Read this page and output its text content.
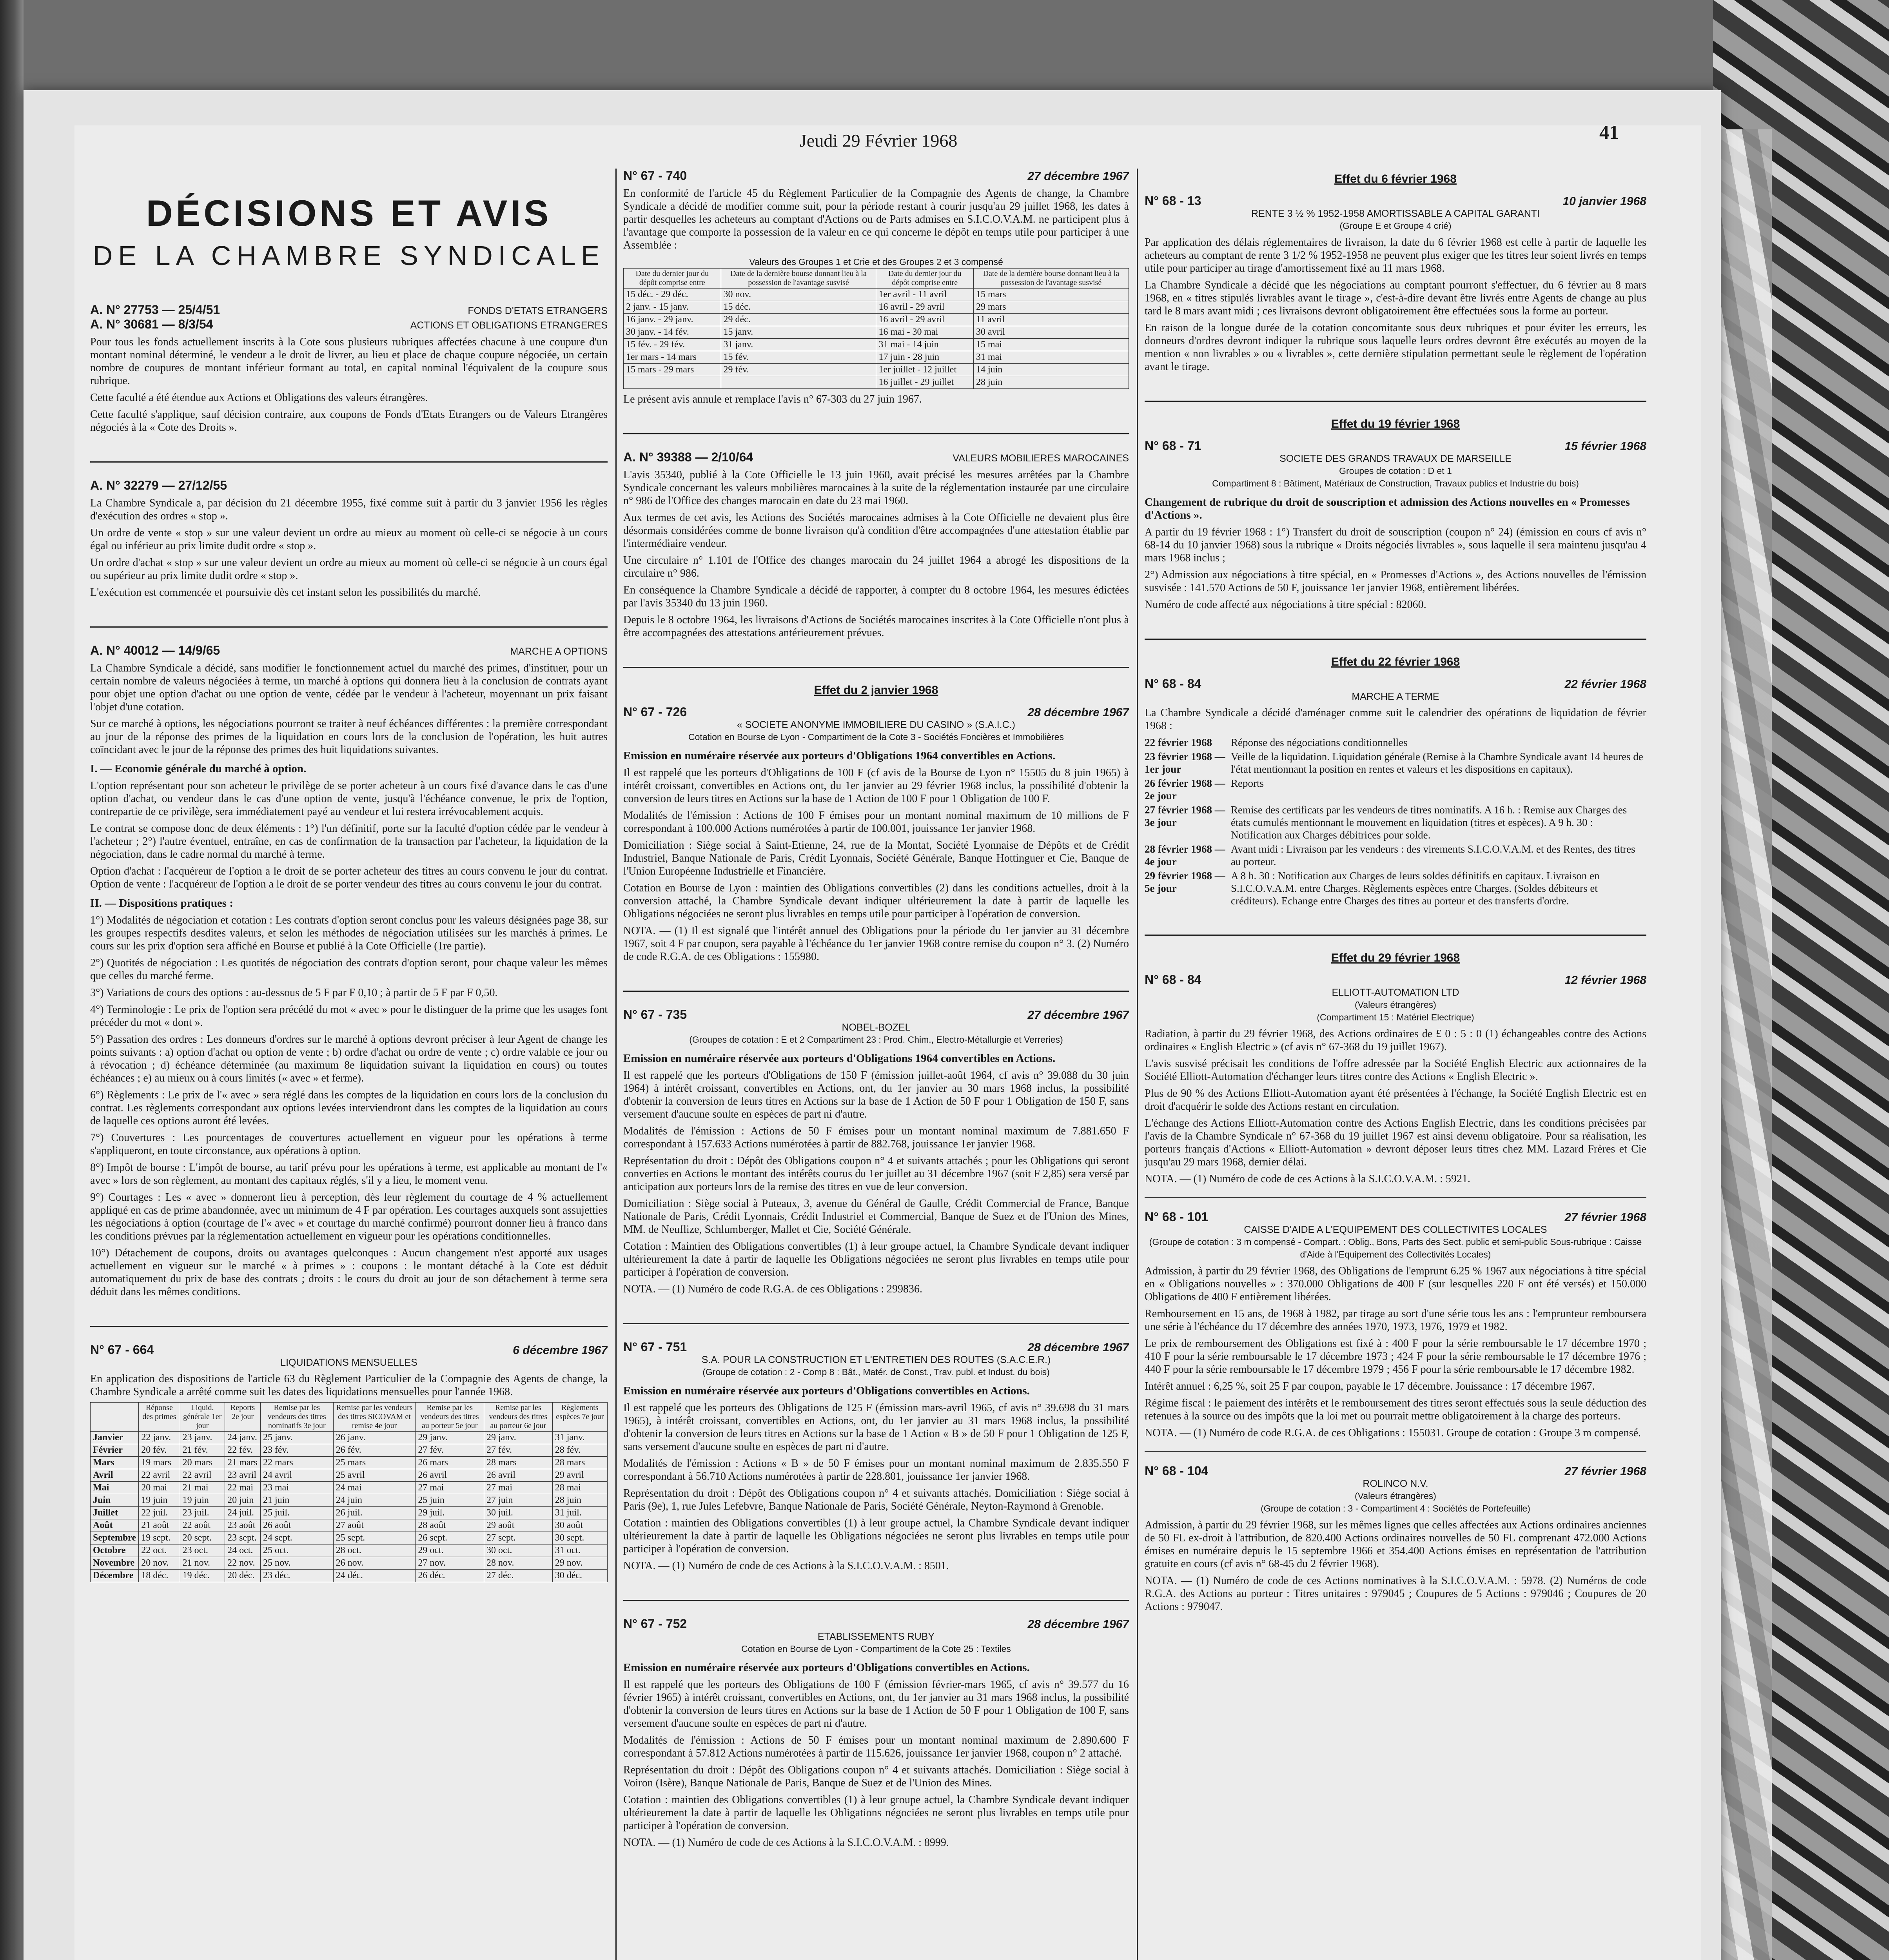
Jeudi 29 Février 1968	41
DÉCISIONS ET AVIS
DE LA CHAMBRE SYNDICALE
A. N° 27753 — 25/4/51	FONDS D'ETATS ETRANGERS
A. N° 30681 — 8/3/54	ACTIONS ET OBLIGATIONS ETRANGERES

Pour tous les fonds actuellement inscrits à la Cote sous plusieurs rubriques affectées chacune à une coupure d'un montant nominal déterminé, le vendeur a le droit de livrer, au lieu et place de chaque coupure négociée, un certain nombre de coupures de montant inférieur formant au total, en capital nominal l'équivalent de la coupure sous rubrique.

Cette faculté a été étendue aux Actions et Obligations des valeurs étrangères.

Cette faculté s'applique, sauf décision contraire, aux coupons de Fonds d'Etats Etrangers ou de Valeurs Etrangères négociés à la « Cote des Droits ».

A. N° 32279 — 27/12/55

La Chambre Syndicale a, par décision du 21 décembre 1955, fixé comme suit à partir du 3 janvier 1956 les règles d'exécution des ordres « stop ».

Un ordre de vente « stop » sur une valeur devient un ordre au mieux au moment où celle-ci se négocie à un cours égal ou inférieur au prix limite dudit ordre « stop ».

Un ordre d'achat « stop » sur une valeur devient un ordre au mieux au moment où celle-ci se négocie à un cours égal ou supérieur au prix limite dudit ordre « stop ».

L'exécution est commencée et poursuivie dès cet instant selon les possibilités du marché.

A. N° 40012 — 14/9/65	MARCHE A OPTIONS

La Chambre Syndicale a décidé, sans modifier le fonctionnement actuel du marché des primes, d'instituer, pour un certain nombre de valeurs négociées à terme, un marché à options qui donnera lieu à la conclusion de contrats ayant pour objet une option d'achat ou une option de vente, cédée par le vendeur à l'acheteur, moyennant un prix faisant l'objet d'une cotation.

Sur ce marché à options, les négociations pourront se traiter à neuf échéances différentes : la première correspondant au jour de la réponse des primes de la liquidation en cours lors de la conclusion de l'opération, les huit autres coïncidant avec le jour de la réponse des primes des huit liquidations suivantes.

I. — Economie générale du marché à option.

L'option représentant pour son acheteur le privilège de se porter acheteur à un cours fixé d'avance dans le cas d'une option d'achat, ou vendeur dans le cas d'une option de vente, jusqu'à l'échéance convenue, le prix de l'option, contrepartie de ce privilège, sera immédiatement payé au vendeur et lui restera irrévocablement acquis.

Le contrat se compose donc de deux éléments : 1°) l'un définitif, porte sur la faculté d'option cédée par le vendeur à l'acheteur ; 2°) l'autre éventuel, entraîne, en cas de confirmation de la transaction par l'acheteur, la liquidation de la négociation, dans le cadre normal du marché à terme.

Option d'achat : l'acquéreur de l'option a le droit de se porter acheteur des titres au cours convenu le jour du contrat. Option de vente : l'acquéreur de l'option a le droit de se porter vendeur des titres au cours convenu le jour du contrat.

II. — Dispositions pratiques :

1°) Modalités de négociation et cotation : Les contrats d'option seront conclus pour les valeurs désignées page 38, sur les groupes respectifs desdites valeurs, et selon les méthodes de négociation utilisées sur les marchés à primes. Le cours sur les prix d'option sera affiché en Bourse et publié à la Cote Officielle (1re partie).

2°) Quotités de négociation : Les quotités de négociation des contrats d'option seront, pour chaque valeur les mêmes que celles du marché ferme.

3°) Variations de cours des options : au-dessous de 5 F par F 0,10 ; à partir de 5 F par F 0,50.

4°) Terminologie : Le prix de l'option sera précédé du mot « avec » pour le distinguer de la prime que les usages font précéder du mot « dont ».

5°) Passation des ordres : Les donneurs d'ordres sur le marché à options devront préciser à leur Agent de change les points suivants : a) option d'achat ou option de vente ; b) ordre d'achat ou ordre de vente ; c) ordre valable ce jour ou à révocation ; d) échéance déterminée (au maximum 8e liquidation suivant la liquidation en cours) ou toutes échéances ; e) au mieux ou à cours limités (« avec » et ferme).

6°) Règlements : Le prix de l'« avec » sera réglé dans les comptes de la liquidation en cours lors de la conclusion du contrat. Les règlements correspondant aux options levées interviendront dans les comptes de la liquidation au cours de laquelle ces options auront été levées.

7°) Couvertures : Les pourcentages de couvertures actuellement en vigueur pour les opérations à terme s'appliqueront, en toute circonstance, aux opérations à option.

8°) Impôt de bourse : L'impôt de bourse, au tarif prévu pour les opérations à terme, est applicable au montant de l'« avec » lors de son règlement, au montant des capitaux réglés, s'il y a lieu, le moment venu.

9°) Courtages : Les « avec » donneront lieu à perception, dès leur règlement du courtage de 4 % actuellement appliqué en cas de prime abandonnée, avec un minimum de 4 F par opération. Les courtages auxquels sont assujetties les négociations à option (courtage de l'« avec » et courtage du marché confirmé) pourront donner lieu à franco dans les conditions prévues par la réglementation actuellement en vigueur pour les opérations conditionnelles.

10°) Détachement de coupons, droits ou avantages quelconques : Aucun changement n'est apporté aux usages actuellement en vigueur sur le marché « à primes » : coupons : le montant détaché à la Cote est déduit automatiquement du prix de base des contrats ; droits : le cours du droit au jour de son détachement à terme sera déduit dans les mêmes conditions.

N° 67 - 664	6 décembre 1967
LIQUIDATIONS MENSUELLES

En application des dispositions de l'article 63 du Règlement Particulier de la Compagnie des Agents de change, la Chambre Syndicale a arrêté comme suit les dates des liquidations mensuelles pour l'année 1968.

	Réponse des primes	Liquid. générale 1er jour	Reports 2e jour	Remise par les vendeurs des titres nominatifs 3e jour	Remise par les vendeurs des titres SICOVAM et remise 4e jour	Remise par les vendeurs des titres au porteur 5e jour	Remise par les vendeurs des titres au porteur 6e jour	Règlements espèces 7e jour
Janvier	22 janv.	23 janv.	24 janv.	25 janv.	26 janv.	29 janv.	29 janv.	31 janv.
Février	20 fév.	21 fév.	22 fév.	23 fév.	26 fév.	27 fév.	27 fév.	28 fév.
Mars	19 mars	20 mars	21 mars	22 mars	25 mars	26 mars	28 mars	28 mars
Avril	22 avril	22 avril	23 avril	24 avril	25 avril	26 avril	26 avril	29 avril
Mai	20 mai	21 mai	22 mai	23 mai	24 mai	27 mai	27 mai	28 mai
Juin	19 juin	19 juin	20 juin	21 juin	24 juin	25 juin	27 juin	28 juin
Juillet	22 juil.	23 juil.	24 juil.	25 juil.	26 juil.	29 juil.	30 juil.	31 juil.
Août	21 août	22 août	23 août	26 août	27 août	28 août	29 août	30 août
Septembre	19 sept.	20 sept.	23 sept.	24 sept.	25 sept.	26 sept.	27 sept.	30 sept.
Octobre	22 oct.	23 oct.	24 oct.	25 oct.	28 oct.	29 oct.	30 oct.	31 oct.
Novembre	20 nov.	21 nov.	22 nov.	25 nov.	26 nov.	27 nov.	28 nov.	29 nov.
Décembre	18 déc.	19 déc.	20 déc.	23 déc.	24 déc.	26 déc.	27 déc.	30 déc.
N° 67 - 740	27 décembre 1967

En conformité de l'article 45 du Règlement Particulier de la Compagnie des Agents de change, la Chambre Syndicale a décidé de modifier comme suit, pour la période restant à courir jusqu'au 29 juillet 1968, les dates à partir desquelles les acheteurs au comptant d'Actions ou de Parts admises en S.I.C.O.V.A.M. ne participent plus à l'avantage que comporte la possession de la valeur en ce qui concerne le dépôt en temps utile pour participer à une Assemblée :

Valeurs des Groupes 1 et Crie et des Groupes 2 et 3 compensé
Date du dernier jour du dépôt comprise entre	Date de la dernière bourse donnant lieu à la possession de l'avantage susvisé	Date du dernier jour du dépôt comprise entre	Date de la dernière bourse donnant lieu à la possession de l'avantage susvisé
15 déc. - 29 déc.	30 nov.	1er avril - 11 avril	15 mars
2 janv. - 15 janv.	15 déc.	16 avril - 29 avril	29 mars
16 janv. - 29 janv.	29 déc.	16 avril - 29 avril	11 avril
30 janv. - 14 fév.	15 janv.	16 mai - 30 mai	30 avril
15 fév. - 29 fév.	31 janv.	31 mai - 14 juin	15 mai
1er mars - 14 mars	15 fév.	17 juin - 28 juin	31 mai
15 mars - 29 mars	29 fév.	1er juillet - 12 juillet	14 juin
		16 juillet - 29 juillet	28 juin

Le présent avis annule et remplace l'avis n° 67-303 du 27 juin 1967.

A. N° 39388 — 2/10/64	VALEURS MOBILIERES MAROCAINES

L'avis 35340, publié à la Cote Officielle le 13 juin 1960, avait précisé les mesures arrêtées par la Chambre Syndicale concernant les valeurs mobilières marocaines à la suite de la réglementation instaurée par une circulaire n° 986 de l'Office des changes marocain en date du 23 mai 1960.

Aux termes de cet avis, les Actions des Sociétés marocaines admises à la Cote Officielle ne devaient plus être désormais considérées comme de bonne livraison qu'à condition d'être accompagnées d'une attestation établie par l'intermédiaire vendeur.

Une circulaire n° 1.101 de l'Office des changes marocain du 24 juillet 1964 a abrogé les dispositions de la circulaire n° 986.

En conséquence la Chambre Syndicale a décidé de rapporter, à compter du 8 octobre 1964, les mesures édictées par l'avis 35340 du 13 juin 1960.

Depuis le 8 octobre 1964, les livraisons d'Actions de Sociétés marocaines inscrites à la Cote Officielle n'ont plus à être accompagnées des attestations antérieurement prévues.

Effet du 2 janvier 1968
N° 67 - 726	28 décembre 1967
« SOCIETE ANONYME IMMOBILIERE DU CASINO » (S.A.I.C.)
Cotation en Bourse de Lyon - Compartiment de la Cote 3 - Sociétés Foncières et Immobilières
Emission en numéraire réservée aux porteurs d'Obligations 1964 convertibles en Actions.

Il est rappelé que les porteurs d'Obligations de 100 F (cf avis de la Bourse de Lyon n° 15505 du 8 juin 1965) à intérêt croissant, convertibles en Actions ont, du 1er janvier au 29 février 1968 inclus, la possibilité d'obtenir la conversion de leurs titres en Actions sur la base de 1 Action de 100 F pour 1 Obligation de 100 F.

Modalités de l'émission : Actions de 100 F émises pour un montant nominal maximum de 10 millions de F correspondant à 100.000 Actions numérotées à partir de 100.001, jouissance 1er janvier 1968.

Domiciliation : Siège social à Saint-Etienne, 24, rue de la Montat, Société Lyonnaise de Dépôts et de Crédit Industriel, Banque Nationale de Paris, Crédit Lyonnais, Société Générale, Banque Hottinguer et Cie, Banque de l'Union Européenne Industrielle et Financière.

Cotation en Bourse de Lyon : maintien des Obligations convertibles (2) dans les conditions actuelles, droit à la conversion attaché, la Chambre Syndicale devant indiquer ultérieurement la date à partir de laquelle les Obligations négociées ne seront plus livrables en temps utile pour participer à l'opération de conversion.

NOTA. — (1) Il est signalé que l'intérêt annuel des Obligations pour la période du 1er janvier au 31 décembre 1967, soit 4 F par coupon, sera payable à l'échéance du 1er janvier 1968 contre remise du coupon n° 3. (2) Numéro de code R.G.A. de ces Obligations : 155980.

N° 67 - 735	27 décembre 1967
NOBEL-BOZEL
(Groupes de cotation : E et 2 Compartiment 23 : Prod. Chim., Electro-Métallurgie et Verreries)
Emission en numéraire réservée aux porteurs d'Obligations 1964 convertibles en Actions.

Il est rappelé que les porteurs d'Obligations de 150 F (émission juillet-août 1964, cf avis n° 39.088 du 30 juin 1964) à intérêt croissant, convertibles en Actions, ont, du 1er janvier au 30 mars 1968 inclus, la possibilité d'obtenir la conversion de leurs titres en Actions sur la base de 1 Action de 50 F pour 1 Obligation de 150 F, sans versement d'aucune soulte en espèces de part ni d'autre.

Modalités de l'émission : Actions de 50 F émises pour un montant nominal maximum de 7.881.650 F correspondant à 157.633 Actions numérotées à partir de 882.768, jouissance 1er janvier 1968.

Représentation du droit : Dépôt des Obligations coupon n° 4 et suivants attachés ; pour les Obligations qui seront converties en Actions le montant des intérêts courus du 1er juillet au 31 décembre 1967 (soit F 2,85) sera versé par anticipation aux porteurs lors de la remise des titres en vue de leur conversion.

Domiciliation : Siège social à Puteaux, 3, avenue du Général de Gaulle, Crédit Commercial de France, Banque Nationale de Paris, Crédit Lyonnais, Crédit Industriel et Commercial, Banque de Suez et de l'Union des Mines, MM. de Neuflize, Schlumberger, Mallet et Cie, Société Générale.

Cotation : Maintien des Obligations convertibles (1) à leur groupe actuel, la Chambre Syndicale devant indiquer ultérieurement la date à partir de laquelle les Obligations négociées ne seront plus livrables en temps utile pour participer à l'opération de conversion.

NOTA. — (1) Numéro de code R.G.A. de ces Obligations : 299836.

N° 67 - 751	28 décembre 1967
S.A. POUR LA CONSTRUCTION ET L'ENTRETIEN DES ROUTES (S.A.C.E.R.)
(Groupe de cotation : 2 - Comp 8 : Bât., Matér. de Const., Trav. publ. et Indust. du bois)
Emission en numéraire réservée aux porteurs d'Obligations convertibles en Actions.

Il est rappelé que les porteurs des Obligations de 125 F (émission mars-avril 1965, cf avis n° 39.698 du 31 mars 1965), à intérêt croissant, convertibles en Actions, ont, du 1er janvier au 31 mars 1968 inclus, la possibilité d'obtenir la conversion de leurs titres en Actions sur la base de 1 Action « B » de 50 F pour 1 Obligation de 125 F, sans versement d'aucune soulte en espèces de part ni d'autre.

Modalités de l'émission : Actions « B » de 50 F émises pour un montant nominal maximum de 2.835.550 F correspondant à 56.710 Actions numérotées à partir de 228.801, jouissance 1er janvier 1968.

Représentation du droit : Dépôt des Obligations coupon n° 4 et suivants attachés. Domiciliation : Siège social à Paris (9e), 1, rue Jules Lefebvre, Banque Nationale de Paris, Société Générale, Neyton-Raymond à Grenoble.

Cotation : maintien des Obligations convertibles (1) à leur groupe actuel, la Chambre Syndicale devant indiquer ultérieurement la date à partir de laquelle les Obligations négociées ne seront plus livrables en temps utile pour participer à l'opération de conversion.

NOTA. — (1) Numéro de code de ces Actions à la S.I.C.O.V.A.M. : 8501.

N° 67 - 752	28 décembre 1967
ETABLISSEMENTS RUBY
Cotation en Bourse de Lyon - Compartiment de la Cote 25 : Textiles
Emission en numéraire réservée aux porteurs d'Obligations convertibles en Actions.

Il est rappelé que les porteurs des Obligations de 100 F (émission février-mars 1965, cf avis n° 39.577 du 16 février 1965) à intérêt croissant, convertibles en Actions, ont, du 1er janvier au 31 mars 1968 inclus, la possibilité d'obtenir la conversion de leurs titres en Actions sur la base de 1 Action de 50 F pour 1 Obligation de 100 F, sans versement d'aucune soulte en espèces de part ni d'autre.

Modalités de l'émission : Actions de 50 F émises pour un montant nominal maximum de 2.890.600 F correspondant à 57.812 Actions numérotées à partir de 115.626, jouissance 1er janvier 1968, coupon n° 2 attaché.

Représentation du droit : Dépôt des Obligations coupon n° 4 et suivants attachés. Domiciliation : Siège social à Voiron (Isère), Banque Nationale de Paris, Banque de Suez et de l'Union des Mines.

Cotation : maintien des Obligations convertibles (1) à leur groupe actuel, la Chambre Syndicale devant indiquer ultérieurement la date à partir de laquelle les Obligations négociées ne seront plus livrables en temps utile pour participer à l'opération de conversion.

NOTA. — (1) Numéro de code de ces Actions à la S.I.C.O.V.A.M. : 8999.

Effet du 6 février 1968
N° 68 - 13	10 janvier 1968
RENTE 3 ½ % 1952-1958 AMORTISSABLE A CAPITAL GARANTI
(Groupe E et Groupe 4 crié)

Par application des délais réglementaires de livraison, la date du 6 février 1968 est celle à partir de laquelle les acheteurs au comptant de rente 3 1/2 % 1952-1958 ne peuvent plus exiger que les titres leur soient livrés en temps utile pour participer au tirage d'amortissement fixé au 11 mars 1968.

La Chambre Syndicale a décidé que les négociations au comptant pourront s'effectuer, du 6 février au 8 mars 1968, en « titres stipulés livrables avant le tirage », c'est-à-dire devant être livrés entre Agents de change au plus tard le 8 mars avant midi ; ces livraisons devront obligatoirement être effectuées sous la forme au porteur.

En raison de la longue durée de la cotation concomitante sous deux rubriques et pour éviter les erreurs, les donneurs d'ordres devront indiquer la rubrique sous laquelle leurs ordres devront être exécutés au moyen de la mention « non livrables » ou « livrables », cette dernière stipulation permettant seule le règlement de l'opération avant le tirage.

Effet du 19 février 1968
N° 68 - 71	15 février 1968
SOCIETE DES GRANDS TRAVAUX DE MARSEILLE
Groupes de cotation : D et 1
Compartiment 8 : Bâtiment, Matériaux de Construction, Travaux publics et Industrie du bois)
Changement de rubrique du droit de souscription et admission des Actions nouvelles en « Promesses d'Actions ».

A partir du 19 février 1968 : 1°) Transfert du droit de souscription (coupon n° 24) (émission en cours cf avis n° 68-14 du 10 janvier 1968) sous la rubrique « Droits négociés livrables », sous laquelle il sera maintenu jusqu'au 4 mars 1968 inclus ;

2°) Admission aux négociations à titre spécial, en « Promesses d'Actions », des Actions nouvelles de l'émission susvisée : 141.570 Actions de 50 F, jouissance 1er janvier 1968, entièrement libérées.

Numéro de code affecté aux négociations à titre spécial : 82060.

Effet du 22 février 1968
N° 68 - 84	22 février 1968
MARCHE A TERME

La Chambre Syndicale a décidé d'aménager comme suit le calendrier des opérations de liquidation de février 1968 :

22 février 1968	Réponse des négociations conditionnelles
23 février 1968 — 1er jour
Veille de la liquidation. Liquidation générale (Remise à la Chambre Syndicale avant 14 heures de l'état mentionnant la position en rentes et valeurs et les dispositions en capitaux).
26 février 1968 — 2e jour
Reports
27 février 1968 — 3e jour
Remise des certificats par les vendeurs de titres nominatifs. A 16 h. : Remise aux Charges des états cumulés mentionnant le mouvement en liquidation (titres et espèces). A 9 h. 30 : Notification aux Charges débitrices pour solde.
28 février 1968 — 4e jour
Avant midi : Livraison par les vendeurs : des virements S.I.C.O.V.A.M. et des Rentes, des titres au porteur.
29 février 1968 — 5e jour
A 8 h. 30 : Notification aux Charges de leurs soldes définitifs en capitaux. Livraison en S.I.C.O.V.A.M. entre Charges. Règlements espèces entre Charges. (Soldes débiteurs et créditeurs). Echange entre Charges des titres au porteur et des transferts d'ordre.
Effet du 29 février 1968
N° 68 - 84	12 février 1968
ELLIOTT-AUTOMATION LTD
(Valeurs étrangères)
(Compartiment 15 : Matériel Electrique)

Radiation, à partir du 29 février 1968, des Actions ordinaires de £ 0 : 5 : 0 (1) échangeables contre des Actions ordinaires « English Electric » (cf avis n° 67-368 du 19 juillet 1967).

L'avis susvisé précisait les conditions de l'offre adressée par la Société English Electric aux actionnaires de la Société Elliott-Automation d'échanger leurs titres contre des Actions « English Electric ».

Plus de 90 % des Actions Elliott-Automation ayant été présentées à l'échange, la Société English Electric est en droit d'acquérir le solde des Actions restant en circulation.

L'échange des Actions Elliott-Automation contre des Actions English Electric, dans les conditions précisées par l'avis de la Chambre Syndicale n° 67-368 du 19 juillet 1967 est ainsi devenu obligatoire. Pour sa réalisation, les porteurs français d'Actions « Elliott-Automation » devront déposer leurs titres chez MM. Lazard Frères et Cie jusqu'au 29 mars 1968, dernier délai.

NOTA. — (1) Numéro de code de ces Actions à la S.I.C.O.V.A.M. : 5921.

N° 68 - 101	27 février 1968
CAISSE D'AIDE A L'EQUIPEMENT DES COLLECTIVITES LOCALES
(Groupe de cotation : 3 m compensé - Compart. : Oblig., Bons, Parts des Sect. public et semi-public Sous-rubrique : Caisse d'Aide à l'Equipement des Collectivités Locales)

Admission, à partir du 29 février 1968, des Obligations de l'emprunt 6.25 % 1967 aux négociations à titre spécial en « Obligations nouvelles » : 370.000 Obligations de 400 F (sur lesquelles 220 F ont été versés) et 150.000 Obligations de 400 F entièrement libérées.

Remboursement en 15 ans, de 1968 à 1982, par tirage au sort d'une série tous les ans : l'emprunteur remboursera une série à l'échéance du 17 décembre des années 1970, 1973, 1976, 1979 et 1982.

Le prix de remboursement des Obligations est fixé à : 400 F pour la série remboursable le 17 décembre 1970 ; 410 F pour la série remboursable le 17 décembre 1973 ; 424 F pour la série remboursable le 17 décembre 1976 ; 440 F pour la série remboursable le 17 décembre 1979 ; 456 F pour la série remboursable le 17 décembre 1982.

Intérêt annuel : 6,25 %, soit 25 F par coupon, payable le 17 décembre. Jouissance : 17 décembre 1967.

Régime fiscal : le paiement des intérêts et le remboursement des titres seront effectués sous la seule déduction des retenues à la source ou des impôts que la loi met ou pourrait mettre obligatoirement à la charge des porteurs.

NOTA. — (1) Numéro de code R.G.A. de ces Obligations : 155031. Groupe de cotation : Groupe 3 m compensé.

N° 68 - 104	27 février 1968
ROLINCO N.V.
(Valeurs étrangères)
(Groupe de cotation : 3 - Compartiment 4 : Sociétés de Portefeuille)

Admission, à partir du 29 février 1968, sur les mêmes lignes que celles affectées aux Actions ordinaires anciennes de 50 FL ex-droit à l'attribution, de 820.400 Actions ordinaires nouvelles de 50 FL comprenant 472.000 Actions émises en numéraire depuis le 15 septembre 1966 et 354.400 Actions émises en représentation de l'attribution gratuite en cours (cf avis n° 68-45 du 2 février 1968).

NOTA. — (1) Numéro de code de ces Actions nominatives à la S.I.C.O.V.A.M. : 5978. (2) Numéros de code R.G.A. des Actions au porteur : Titres unitaires : 979045 ; Coupures de 5 Actions : 979046 ; Coupures de 20 Actions : 979047.
